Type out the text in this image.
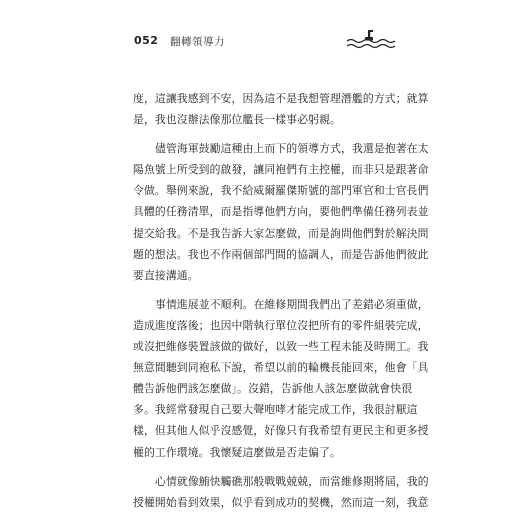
052 翻轉領導力
度，這讓我感到不安，因為這不是我想管理潛艦的方式；就算
是，我也沒辦法像那位艦長一樣事必躬親。
儘管海軍鼓勵這種由上而下的領導方式，我還是抱著在太
陽魚號上所受到的啟發，讓同袍們有主控權，而非只是跟著命
令做。舉例來說，我不給威爾羅傑斯號的部門軍官和士官長們
具體的任務清單，而是指導他們方向，要他們準備任務列表並
提交給我。不是我告訴大家怎麼做，而是詢問他們對於解決問
題的想法。我也不作兩個部門間的協調人，而是告訴他們彼此
要直接溝通。
事情進展並不順利。在維修期間我們出了差錯必須重做，
造成進度落後；也因中階執行單位沒把所有的零件組裝完成，
或沒把維修裝置該做的做好，以致一些工程未能及時開工。我
無意間聽到同袍私下說，希望以前的輪機長能回來，他會「具
體告訴他們該怎麼做」。沒錯，告訴他人該怎麼做就會快很
多。我經常發現自己要大聲咆哮才能完成工作，我很討厭這
樣，但其他人似乎沒感覺，好像只有我希望有更民主和更多授
權的工作環境。我懷疑這麼做是否走偏了。
心情就像鮪快觸礁那般戰戰兢兢，而當維修期將屆，我的
授權開始看到效果，似乎看到成功的契機，然而這一刻，我意
